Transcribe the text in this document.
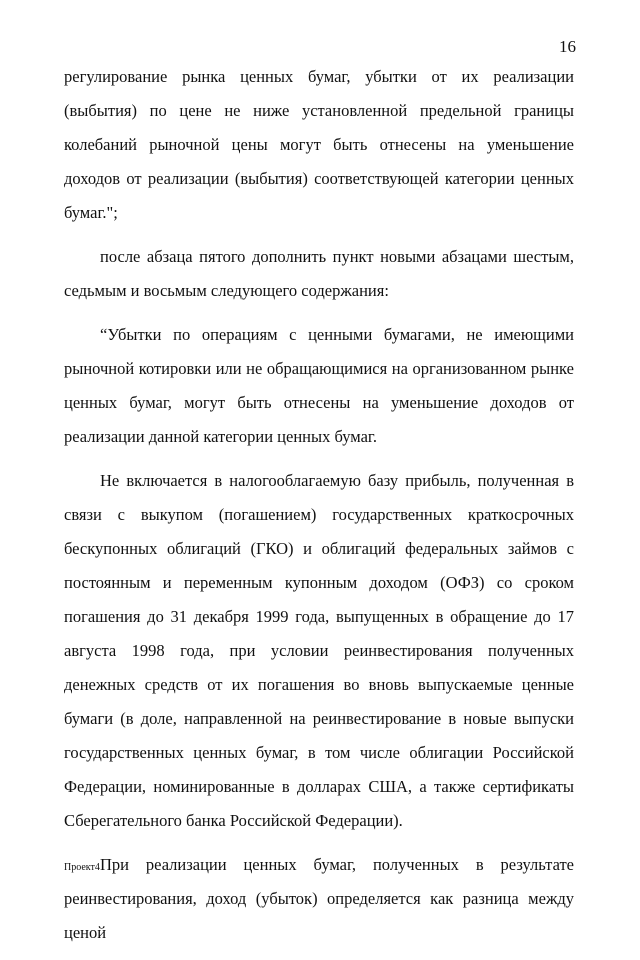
16

регулирование рынка ценных бумаг, убытки от их реализации (выбытия) по цене не ниже установленной предельной границы колебаний рыночной цены могут быть отнесены на уменьшение доходов от реализации (выбытия) соответствующей категории ценных бумаг.";

после абзаца пятого дополнить пункт новыми абзацами шестым, седьмым и восьмым следующего содержания:

“Убытки по операциям с ценными бумагами, не имеющими рыночной котировки или не обращающимися на организованном рынке ценных бумаг, могут быть отнесены на уменьшение доходов от реализации данной категории ценных бумаг.

Не включается в налогооблагаемую базу прибыль, полученная в связи с выкупом (погашением) государственных краткосрочных бескупонных облигаций (ГКО) и облигаций федеральных займов с постоянным и переменным купонным доходом (ОФЗ) со сроком погашения до 31 декабря 1999 года, выпущенных в обращение до 17 августа 1998 года, при условии реинвестирования полученных денежных средств от их погашения во вновь выпускаемые ценные бумаги (в доле, направленной на реинвестирование в новые выпуски государственных ценных бумаг, в том числе облигации Российской Федерации, номинированные в долларах США, а также сертификаты Сберегательного банка Российской Федерации).

При реализации ценных бумаг, полученных в результате реинвестирования, доход (убыток) определяется как разница между ценой

Проект4
